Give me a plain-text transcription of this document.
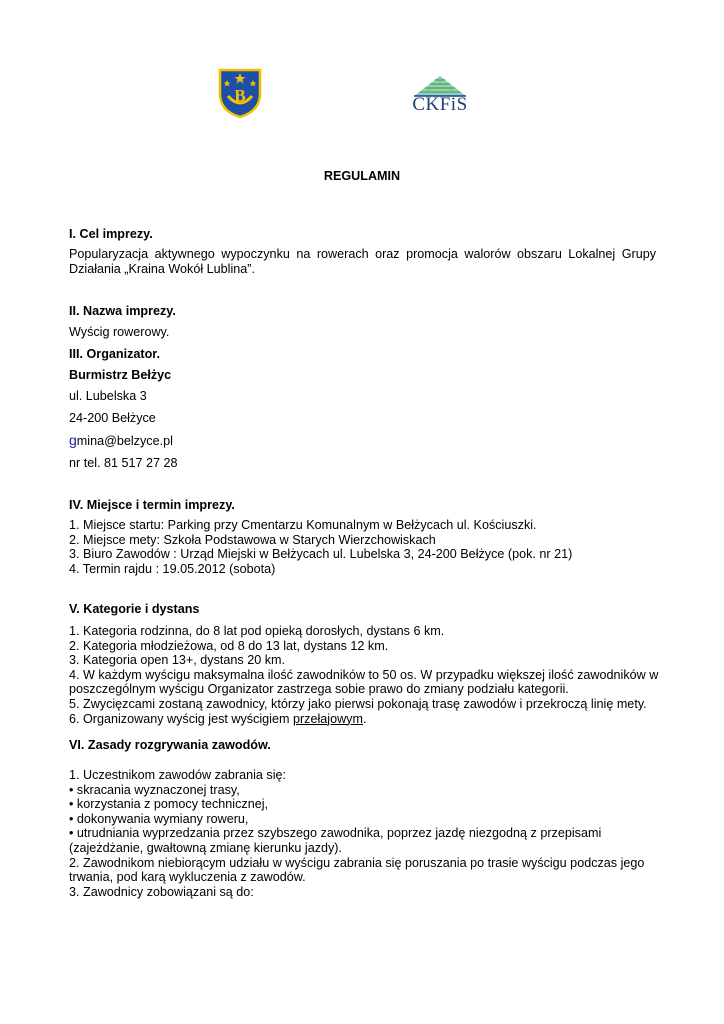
B	CKFiS
REGULAMIN
I. Cel imprezy.
Popularyzacja aktywnego wypoczynku na rowerach oraz promocja walorów obszaru Lokalnej Grupy Działania „Kraina Wokół Lublina”.
II. Nazwa imprezy.
Wyścig rowerowy.
III. Organizator.
Burmistrz Bełżyc
ul. Lubelska 3
24-200 Bełżyce
gmina@belzyce.pl
nr tel. 81 517 27 28
IV. Miejsce i termin imprezy.
1. Miejsce startu: Parking przy Cmentarzu Komunalnym w Bełżycach ul. Kościuszki.
2. Miejsce mety: Szkoła Podstawowa w Starych Wierzchowiskach
3. Biuro Zawodów : Urząd Miejski w Bełżycach ul. Lubelska 3, 24-200 Bełżyce (pok. nr 21)
4. Termin rajdu : 19.05.2012 (sobota)
V. Kategorie i dystans
1. Kategoria rodzinna, do 8 lat pod opieką dorosłych, dystans 6 km.
2. Kategoria młodzieżowa, od 8 do 13 lat, dystans 12 km.
3. Kategoria open 13+, dystans 20 km.
4. W każdym wyścigu maksymalna ilość zawodników to 50 os. W przypadku większej ilość zawodników w
poszczególnym wyścigu Organizator zastrzega sobie prawo do zmiany podziału kategorii.
5. Zwycięzcami zostaną zawodnicy, którzy jako pierwsi pokonają trasę zawodów i przekroczą linię mety.
6. Organizowany wyścig jest wyścigiem przełajowym.
VI. Zasady rozgrywania zawodów.
1. Uczestnikom zawodów zabrania się:
• skracania wyznaczonej trasy,
• korzystania z pomocy technicznej,
• dokonywania wymiany roweru,
• utrudniania wyprzedzania przez szybszego zawodnika, poprzez jazdę niezgodną z przepisami
(zajeżdżanie, gwałtowną zmianę kierunku jazdy).
2. Zawodnikom niebiorącym udziału w wyścigu zabrania się poruszania po trasie wyścigu podczas jego
trwania, pod karą wykluczenia z zawodów.
3. Zawodnicy zobowiązani są do:
